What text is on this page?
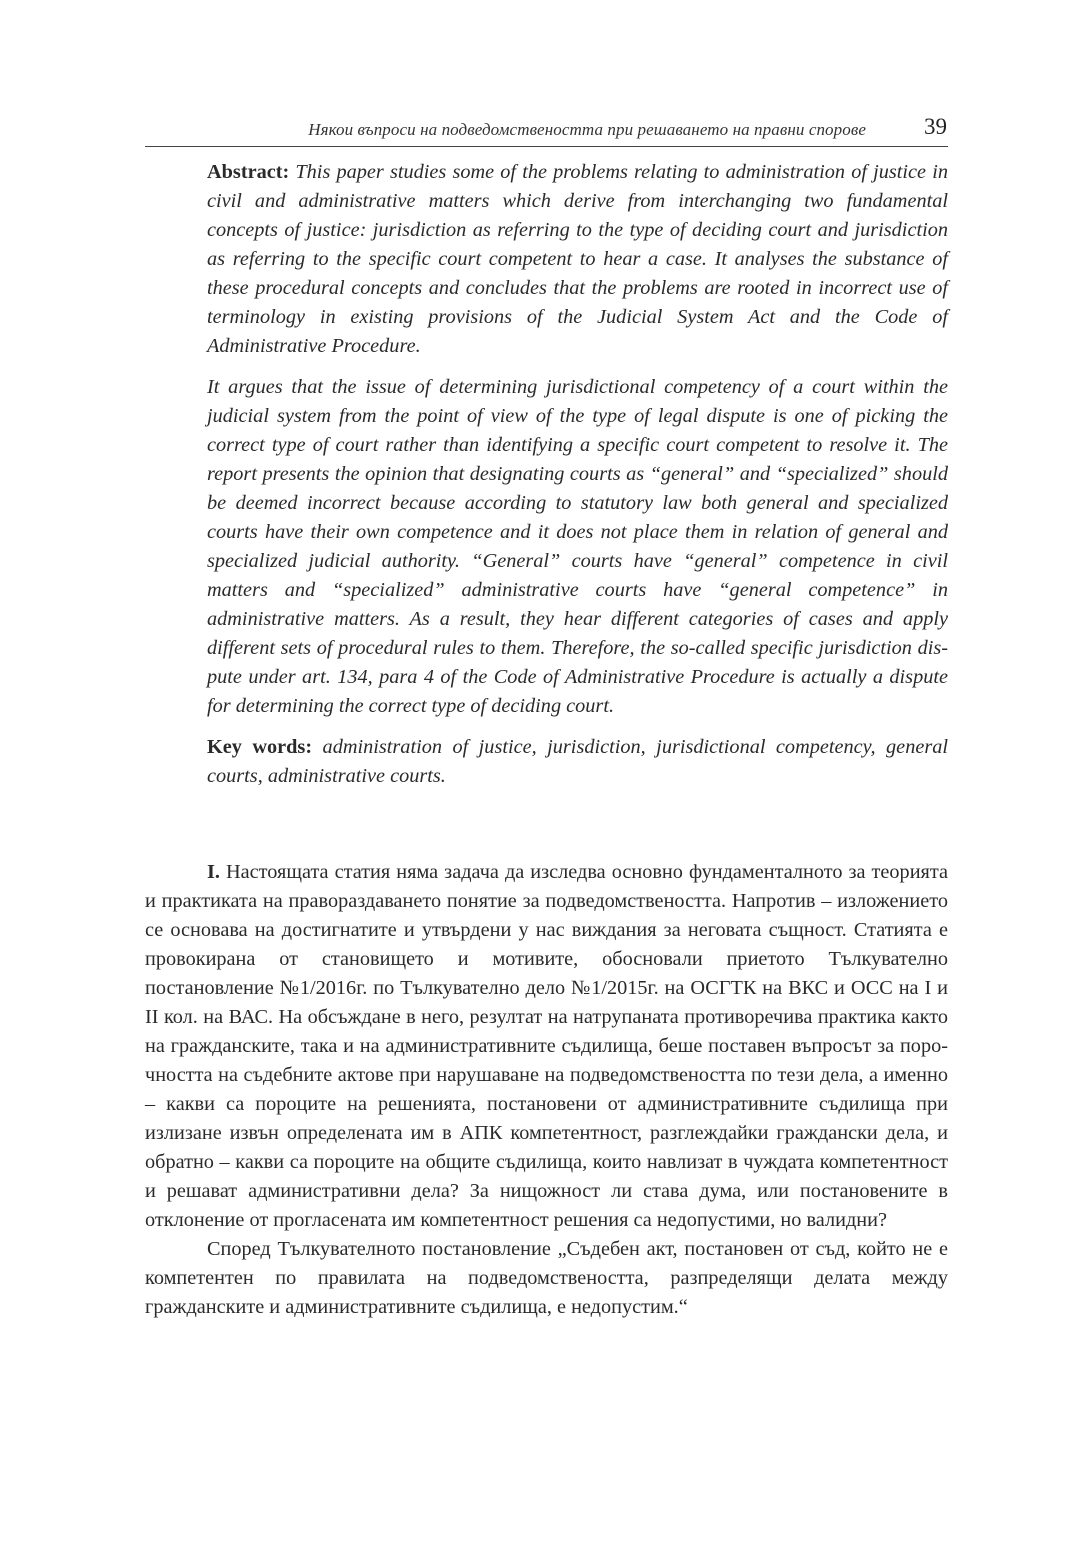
Някои въпроси на подведомствеността при решаването на правни спорове	39

Abstract: This paper studies some of the problems relating to administration of justice in civil and administrative matters which derive from interchanging two fundamental concepts of justice: jurisdiction as referring to the type of deciding court and jurisdiction as referring to the specific court competent to hear a case. It analyses the substance of these procedural concepts and concludes that the problems are rooted in incorrect use of terminology in existing provisions of the Judicial System Act and the Code of Administrative Procedure.

It argues that the issue of determining jurisdictional competency of a court within the judicial system from the point of view of the type of legal dispute is one of picking the correct type of court rather than identifying a specific court competent to resolve it. The report presents the opinion that designating courts as “general” and “specialized” should be deemed incorrect because according to statutory law both general and specialized courts have their own competence and it does not place them in relation of general and specialized judicial authority. “General” courts have “general” competence in civil matters and “specialized” administrative courts have “general competence” in administrative matters. As a result, they hear different categories of cases and apply different sets of procedural rules to them. Therefore, the so-called specific jurisdiction dispute under art. 134, para 4 of the Code of Administrative Procedure is actually a dispute for determining the correct type of deciding court.

Key words: administration of justice, jurisdiction, jurisdictional competency, general courts, administrative courts.

I. Настоящата статия няма задача да изследва основно фундаменталното за теорията и практиката на правораздаването понятие за подведомствеността. Напротив – изложението се основава на достигнатите и утвърдени у нас виждания за неговата същност. Статията е провокирана от становището и мотивите, обосновали приетото Тълкувателно постановление №1/2016г. по Тълкувателно дело №1/2015г. на ОСГТК на ВКС и ОСС на I и II кол. на ВАС. На обсъждане в него, резултат на натрупаната противоречива практика както на гражданските, така и на административните съдилища, беше поставен въпросът за порочността на съдебните актове при нарушаване на подведомствеността по тези дела, а именно – какви са пороците на решенията, постановени от административните съдилища при излизане извън определената им в АПК компетентност, разглеждайки граждански дела, и обратно – какви са пороците на общите съдилища, които навлизат в чуждата компетентност и решават административни дела? За нищожност ли става дума, или постановените в отклонение от прогласената им компетентност решения са недопустими, но валидни?

Според Тълкувателното постановление „Съдебен акт, постановен от съд, който не е компетентен по правилата на подведомствеността, разпределящи делата между гражданските и административните съдилища, е недопустим.“
